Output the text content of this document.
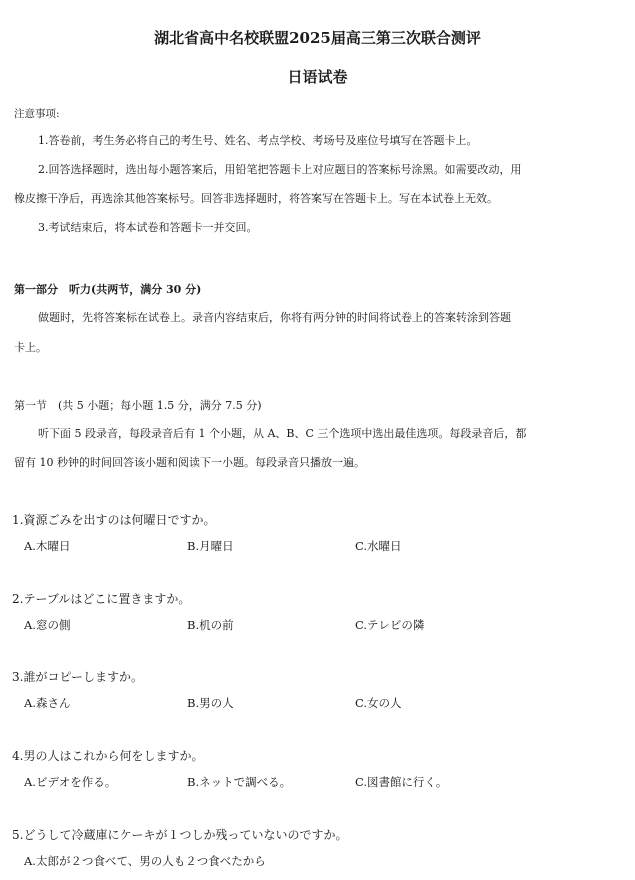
湖北省高中名校联盟2025届高三第三次联合测评
日语试卷
注意事项:
1.答卷前，考生务必将自己的考生号、姓名、考点学校、考场号及座位号填写在答题卡上。
2.回答选择题时，选出每小题答案后，用铅笔把答题卡上对应题目的答案标号涂黑。如需要改动，用
橡皮擦干净后，再选涂其他答案标号。回答非选择题时，将答案写在答题卡上。写在本试卷上无效。
3.考试结束后，将本试卷和答题卡一并交回。
第一部分　听力(共两节，满分 30 分)
做题时，先将答案标在试卷上。录音内容结束后，你将有两分钟的时间将试卷上的答案转涂到答题
卡上。
第一节　(共 5 小题；每小题 1.5 分，满分 7.5 分)
听下面 5 段录音，每段录音后有 1 个小题，从 A、B、C 三个选项中选出最佳选项。每段录音后，都
留有 10 秒钟的时间回答该小题和阅读下一小题。每段录音只播放一遍。
1.資源ごみを出すのは何曜日ですか。
A.木曜日	B.月曜日	C.水曜日
2.テーブルはどこに置きますか。
A.窓の側	B.机の前	C.テレビの隣
3.誰がコピーしますか。
A.森さん	B.男の人	C.女の人
4.男の人はこれから何をしますか。
A.ビデオを作る。	B.ネットで調べる。	C.図書館に行く。
5.どうして冷蔵庫にケーキが１つしか残っていないのですか。
A.太郎が２つ食べて、男の人も２つ食べたから
